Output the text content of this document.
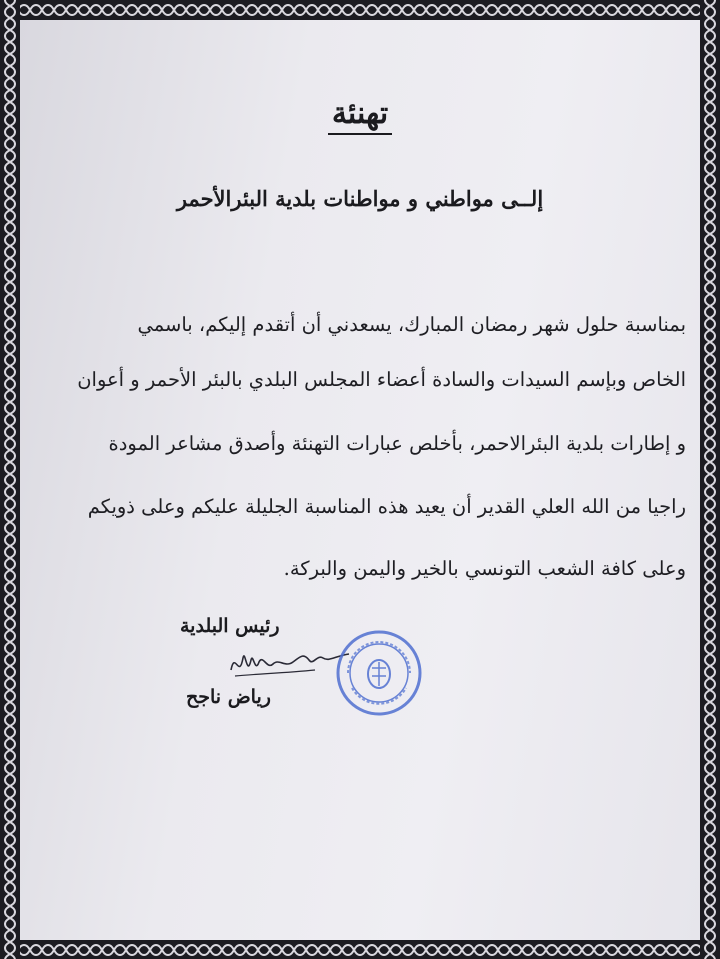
تهنئة
إلــى مواطني و مواطنات بلدية البئرالأحمر
بمناسبة حلول شهر رمضان المبارك، يسعدني أن أتقدم إليكم، باسمي
الخاص وبإسم السيدات والسادة أعضاء المجلس البلدي بالبئر الأحمر و أعوان
و إطارات بلدية البئرالاحمر، بأخلص عبارات التهنئة وأصدق مشاعر المودة
راجيا من الله العلي القدير أن يعيد هذه المناسبة الجليلة عليكم وعلى ذويكم
وعلى كافة الشعب التونسي بالخير واليمن والبركة.
رئيس البلدية
رياض ناجح
